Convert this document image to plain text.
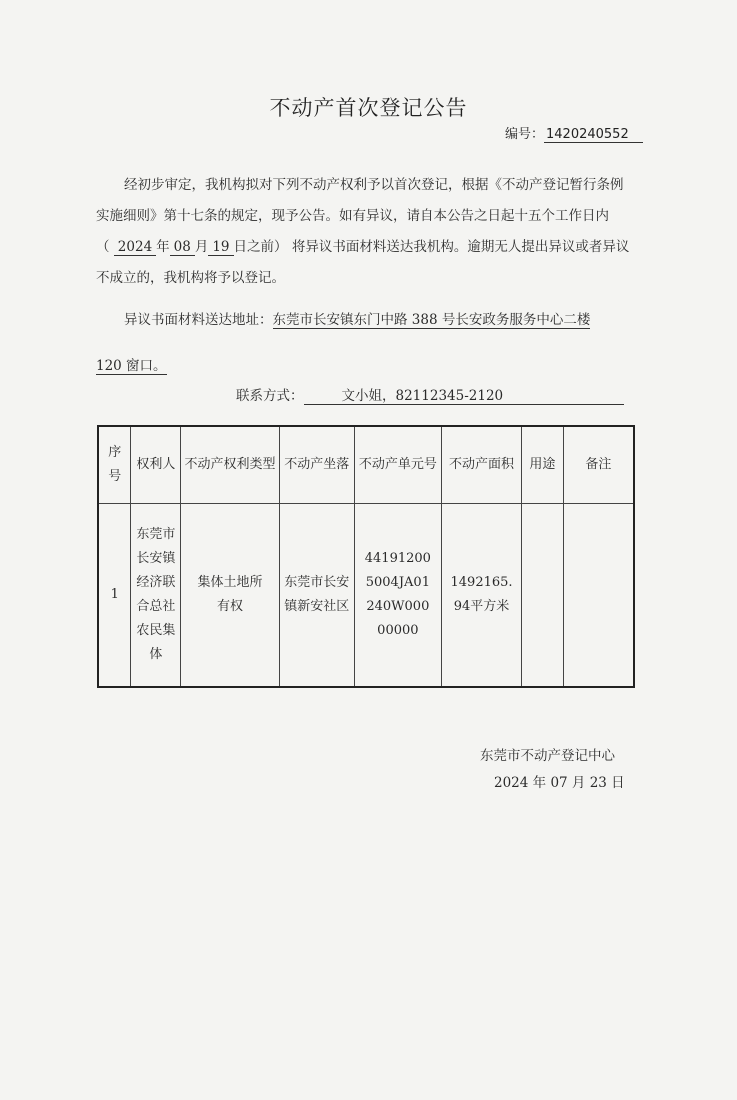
不动产首次登记公告
编号： 1420240552

经初步审定，我机构拟对下列不动产权利予以首次登记，根据《不动产登记暂行条例实施细则》第十七条的规定，现予公告。如有异议，请自本公告之日起十五个工作日内
（ 2024 年 08 月 19 日之前） 将异议书面材料送达我机构。逾期无人提出异议或者异议不成立的，我机构将予以登记。

异议书面材料送达地址：东莞市长安镇东门中路 388 号长安政务服务中心二楼

120 窗口。

联系方式：	文小姐，82112345-2120
序号	权利人	不动产权利类型	不动产坐落	不动产单元号	不动产面积	用途	备注
1	东莞市长安镇经济联合总社农民集体	集体土地所有权	东莞市长安镇新安社区	441912005004JA01240W00000000	1492165.94平方米		
东莞市不动产登记中心
2024 年 07 月 23 日
